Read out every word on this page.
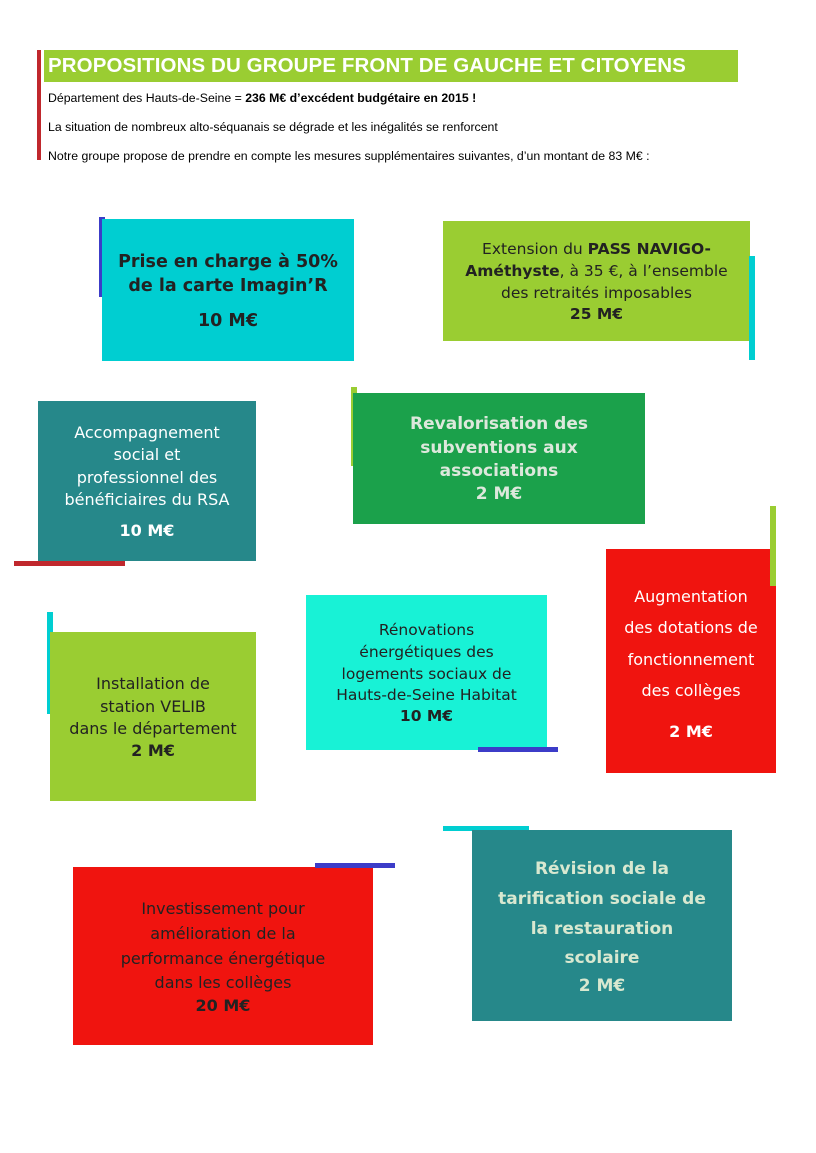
PROPOSITIONS DU GROUPE FRONT DE GAUCHE ET CITOYENS
Département des Hauts-de-Seine = 236 M€ d’excédent budgétaire en 2015 !
La situation de nombreux alto-séquanais se dégrade et les inégalités se renforcent
Notre groupe propose de prendre en compte les mesures supplémentaires suivantes, d’un montant de 83 M€ :
Prise en charge à 50%
de la carte Imagin’R
10 M€
Extension du PASS NAVIGO-
Améthyste, à 35 €, à l’ensemble
des retraités imposables
25 M€
Accompagnement
social et
professionnel des
bénéficiaires du RSA
10 M€
Revalorisation des
subventions aux
associations
2 M€
Augmentation
des dotations de
fonctionnement
des collèges
2 M€
Rénovations
énergétiques des
logements sociaux de
Hauts-de-Seine Habitat
10 M€
Installation de
station VELIB
dans le département
2 M€
Investissement pour
amélioration de la
performance énergétique
dans les collèges
20 M€
Révision de la
tarification sociale de
la restauration
scolaire
2 M€
